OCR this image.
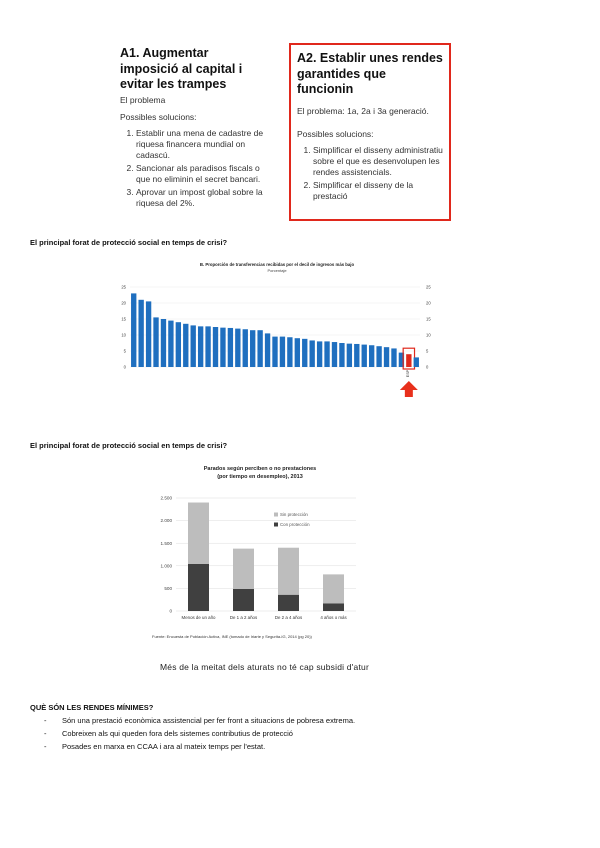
A1. Augmentar imposició al capital i evitar les trampes
El problema
Possibles solucions:
1. Establir una mena de cadastre de riquesa financera mundial on cadascú.
2. Sancionar als paradisos fiscals o que no eliminin el secret bancari.
3. Aprovar un impost global sobre la riquesa del 2%.
A2. Establir unes rendes garantides que funcionin
El problema: 1a, 2a i 3a generació.
Possibles solucions:
1. Simplificar el disseny administratiu sobre el que es desenvolupen les rendes assistencials.
2. Simplificar el disseny de la prestació
El principal forat de protecció social en temps de crisi?
B. Proporción de transferencias recibidas por el decil de ingresos más bajo
Porcentaje
0	0
5	5
10	10
15	15
20	20
25	25
ESP
El principal forat de protecció social en temps de crisi?
Parados según perciben o no prestaciones
(por tiempo en desempleo), 2013
Sin protección
Con protección
0
500
1.000
1.500
2.000
2.500
Menos de un año	De 1 a 2 años	De 2 a 4 años	4 años o más
Fuente: Encuesta de Población Activa, INE (tomado de Iriarte y Segurita-IG, 2014 (pg 20))
Més de la meitat dels aturats no té cap subsidi d'atur
QUÈ SÓN LES RENDES MÍNIMES?
- Són una prestació econòmica assistencial per fer front a situacions de pobresa extrema.
- Cobreixen als qui queden fora dels sistemes contributius de protecció
- Posades en marxa en CCAA i ara al mateix temps per l'estat.
